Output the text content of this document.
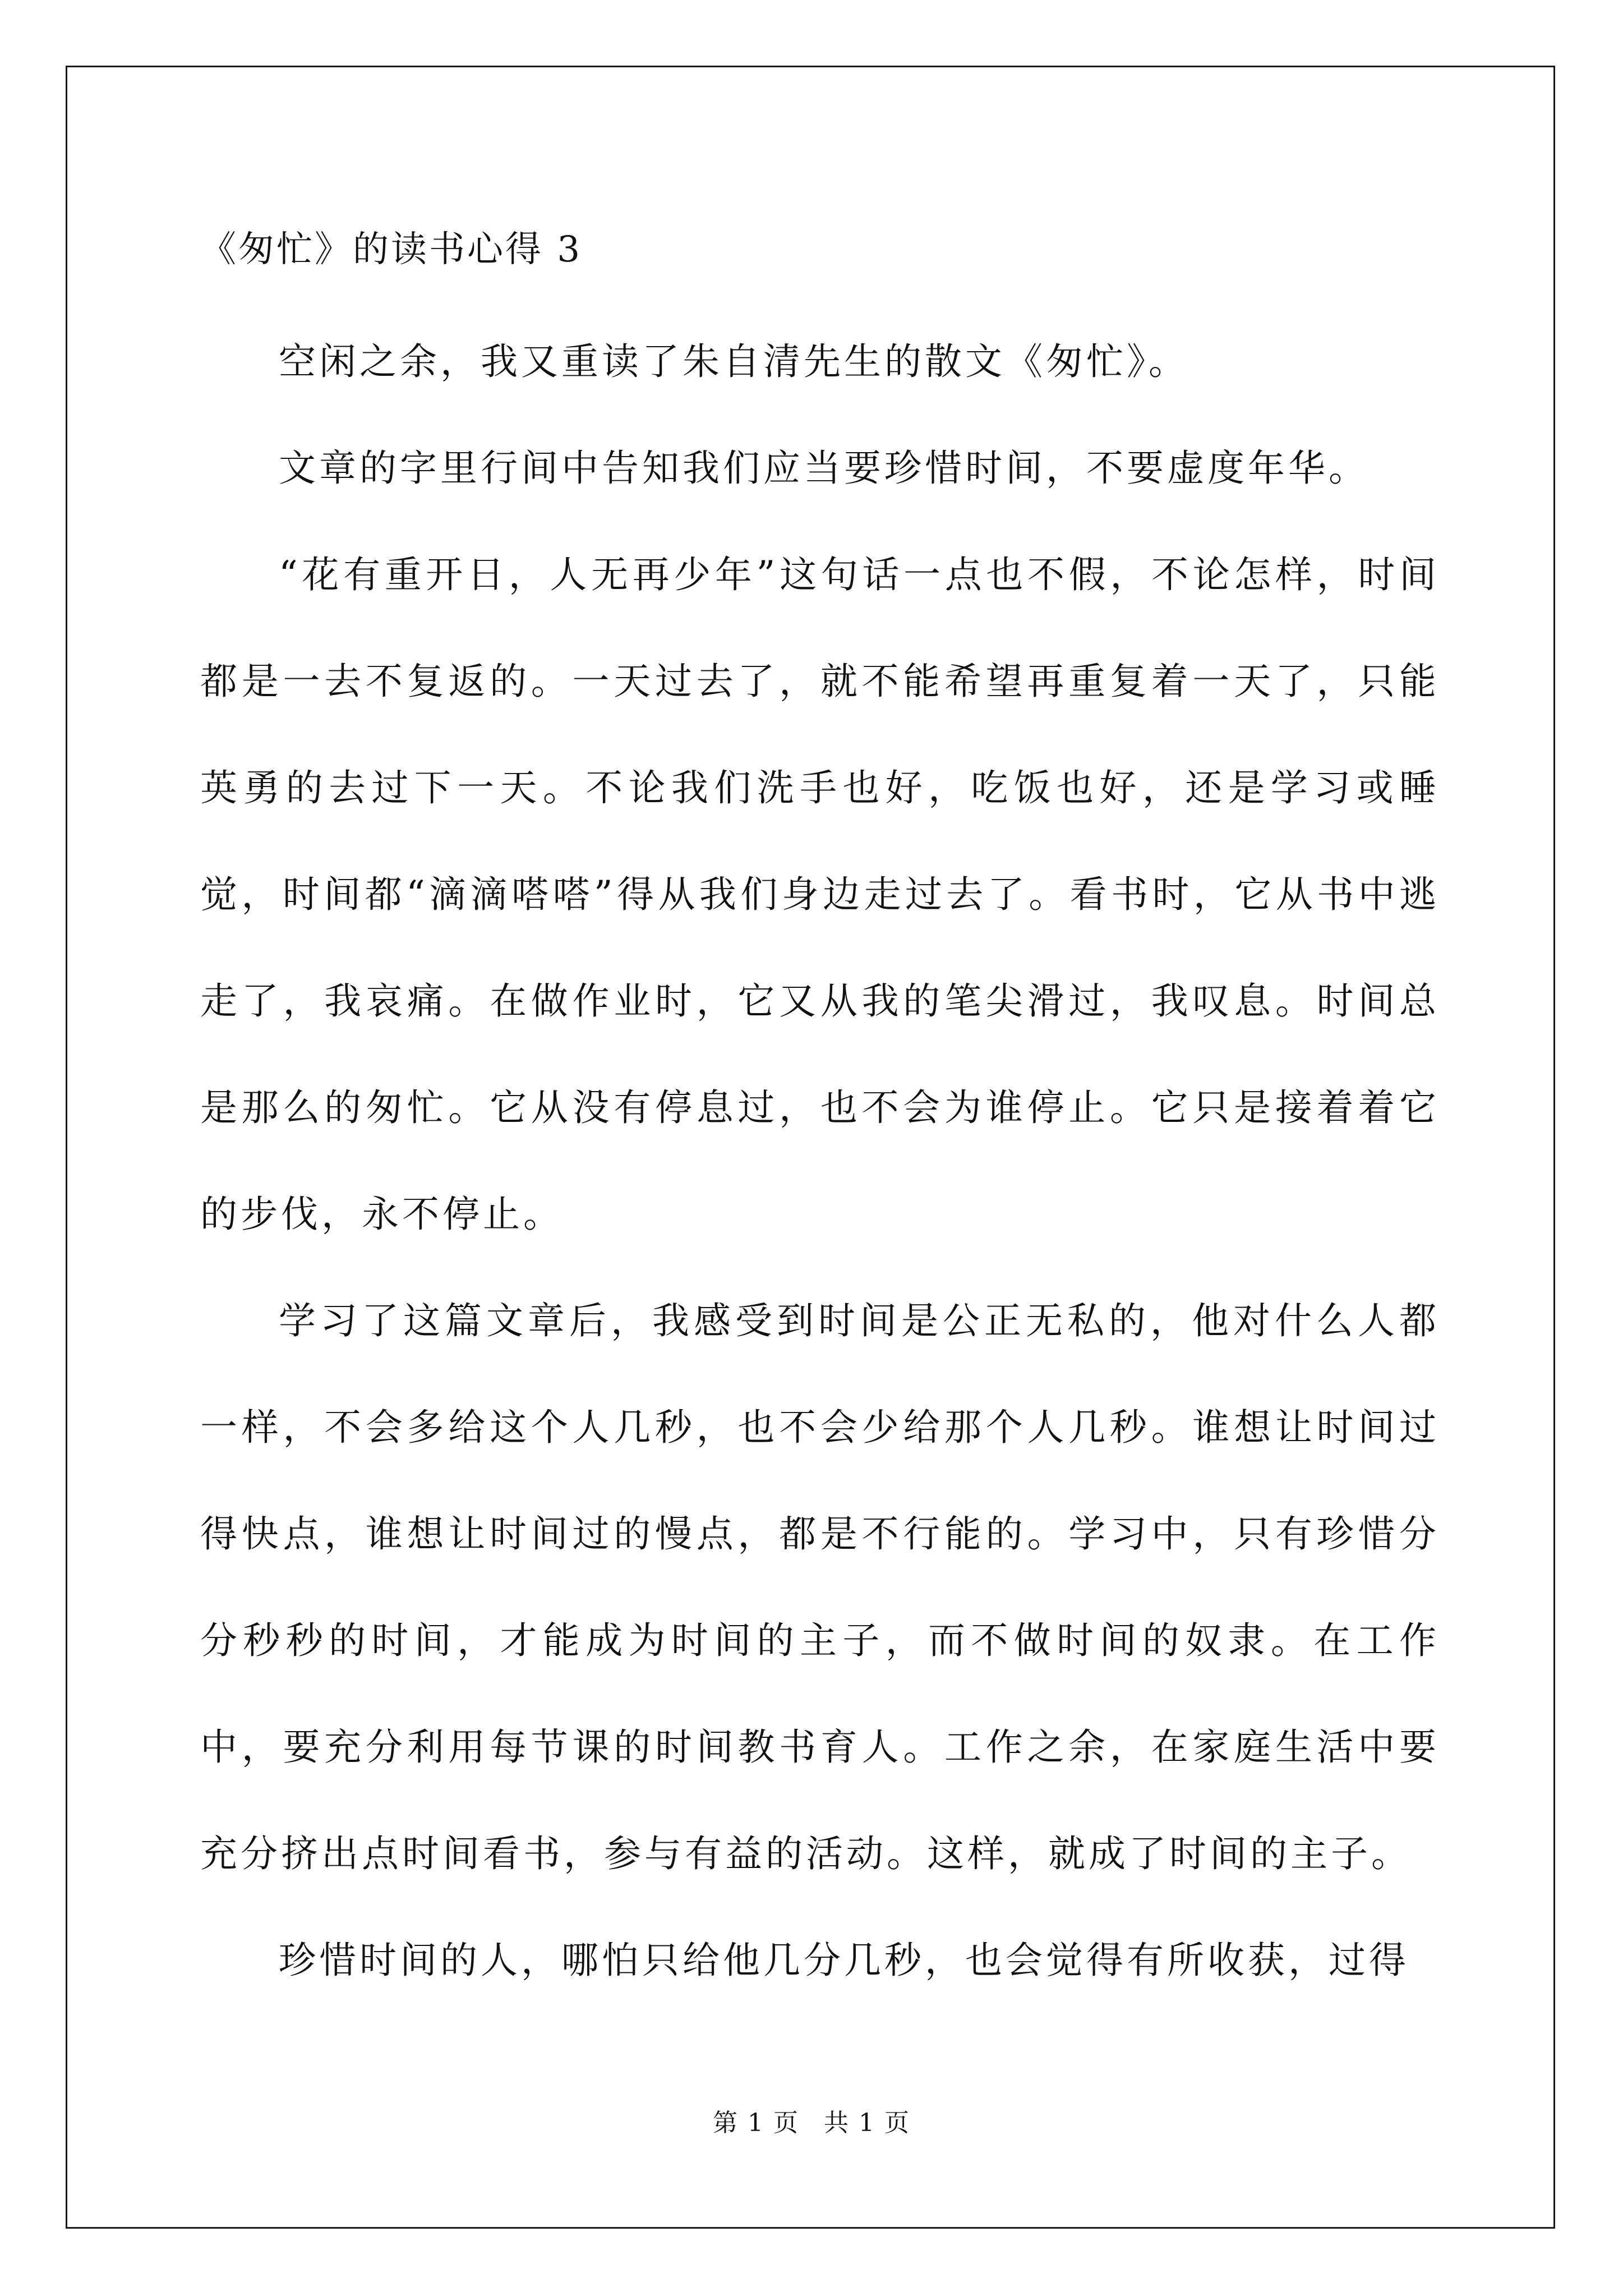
《匆忙》的读书心得 3

空闲之余，我又重读了朱自清先生的散文《匆忙》。

文章的字里行间中告知我们应当要珍惜时间，不要虚度年华。

“花有重开日，人无再少年”这句话一点也不假，不论怎样，时间都是一去不复返的。一天过去了，就不能希望再重复着一天了，只能英勇的去过下一天。不论我们洗手也好，吃饭也好，还是学习或睡觉，时间都“滴滴嗒嗒”得从我们身边走过去了。看书时，它从书中逃走了，我哀痛。在做作业时，它又从我的笔尖滑过，我叹息。时间总是那么的匆忙。它从没有停息过，也不会为谁停止。它只是接着着它的步伐，永不停止。

学习了这篇文章后，我感受到时间是公正无私的，他对什么人都一样，不会多给这个人几秒，也不会少给那个人几秒。谁想让时间过得快点，谁想让时间过的慢点，都是不行能的。学习中，只有珍惜分分秒秒的时间，才能成为时间的主子，而不做时间的奴隶。在工作中，要充分利用每节课的时间教书育人。工作之余，在家庭生活中要充分挤出点时间看书，参与有益的活动。这样，就成了时间的主子。

珍惜时间的人，哪怕只给他几分几秒，也会觉得有所收获，过得

第 1 页 共 1 页
